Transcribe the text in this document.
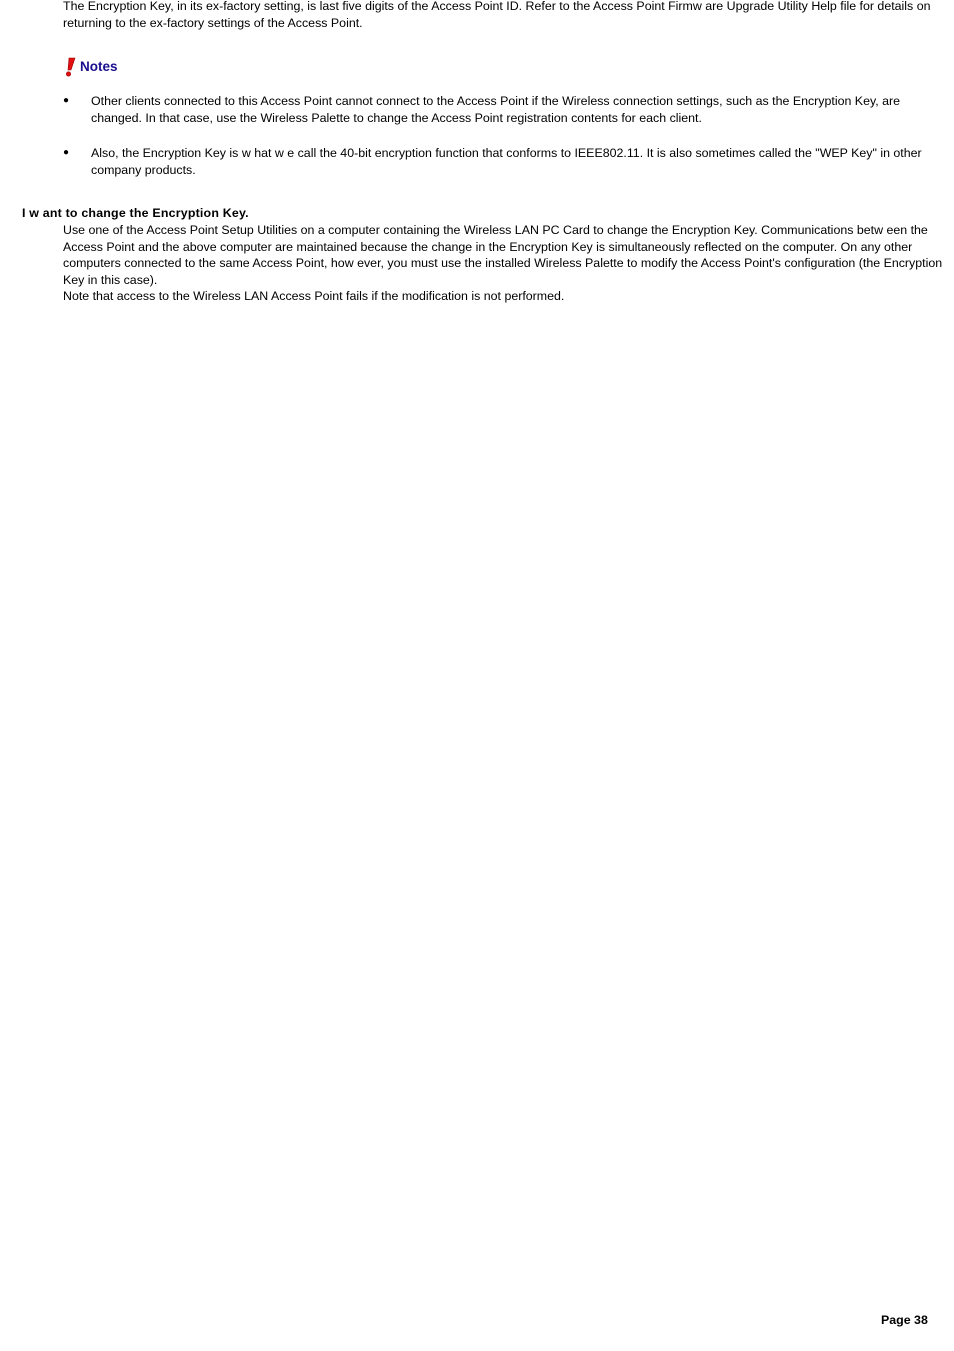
The Encryption Key, in its ex-factory setting, is last five digits of the Access Point ID. Refer to the Access Point Firmw are Upgrade Utility Help file for details on returning to the ex-factory settings of the Access Point.

Notes
● Other clients connected to this Access Point cannot connect to the Access Point if the Wireless connection settings, such as the Encryption Key, are changed. In that case, use the Wireless Palette to change the Access Point registration contents for each client.
● Also, the Encryption Key is w hat w e call the 40-bit encryption function that conforms to IEEE802.11. It is also sometimes called the "WEP Key" in other company products.
I w ant to change the Encryption Key.

Use one of the Access Point Setup Utilities on a computer containing the Wireless LAN PC Card to change the Encryption Key. Communications betw een the Access Point and the above computer are maintained because the change in the Encryption Key is simultaneously reflected on the computer. On any other computers connected to the same Access Point, how ever, you must use the installed Wireless Palette to modify the Access Point's configuration (the Encryption Key in this case).

Note that access to the Wireless LAN Access Point fails if the modification is not performed.

Page 38
